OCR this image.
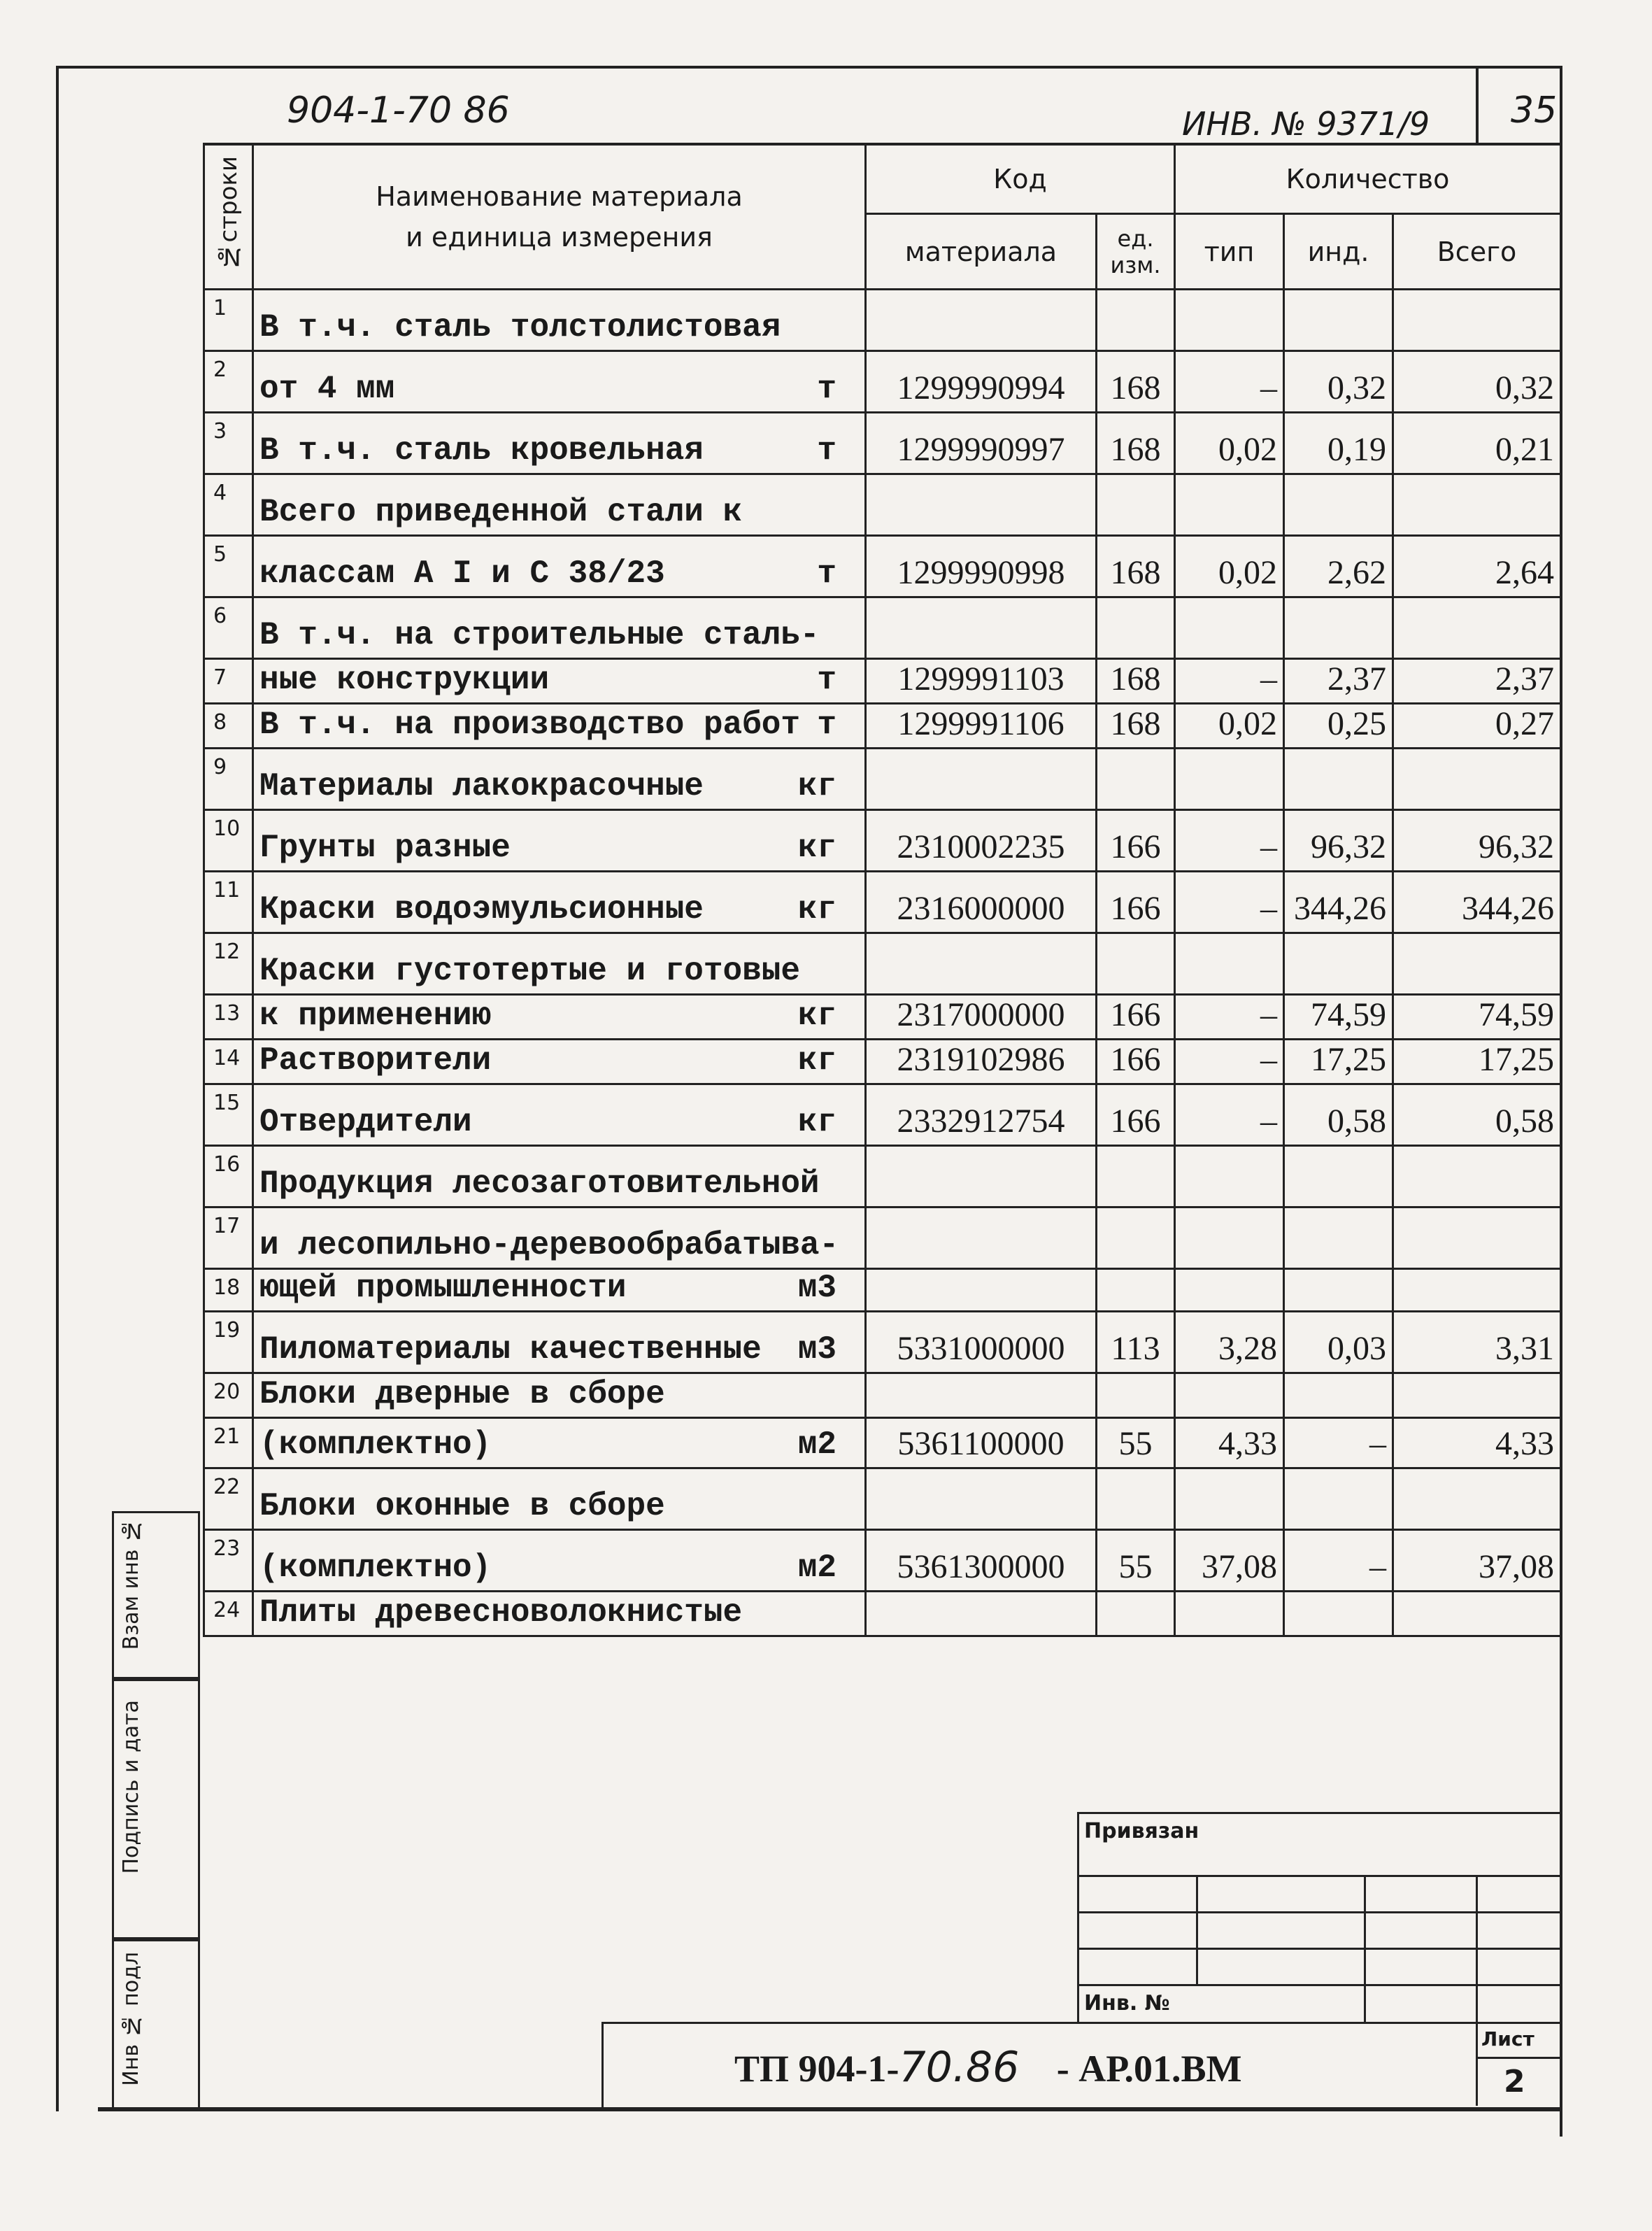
904-1-70 86	ИНВ. № 9371/9 35
№строки	Наименование материала
и единица измерения	Код		Количество		
		материала	ед. изм.	тип	инд.	Всего
1	В т.ч. сталь толстолистовая

2	от 4 мм т	1299990994	168	–	0,32	0,32
3	В т.ч. сталь кровельная т	1299990997	168	0,02	0,19	0,21
4	Всего приведенной стали к

5	классам А I и С 38/23 т	1299990998	168	0,02	2,62	2,64
6	В т.ч. на строительные сталь-

7	ные конструкции т	1299991103	168	–	2,37	2,37
8	В т.ч. на производство работ т	1299991106	168	0,02	0,25	0,27
9	Материалы лакокрасочные кг					

10	Грунты разные кг	2310002235	166	–	96,32	96,32
11	Краски водоэмульсионные кг	2316000000	166	–	344,26	344,26
12	Краски густотертые и готовые

13	к применению кг	2317000000	166	–	74,59	74,59
14	Растворители кг	2319102986	166	–	17,25	17,25
15	Отвердители кг	2332912754	166	–	0,58	0,58
16	Продукция лесозаготовительной

17	и лесопильно-деревообрабатыва-

18	ющей промышленности м3					

19	Пиломатериалы качественные м3	5331000000	113	3,28	0,03	3,31
20	Блоки дверные в сборе

21	(комплектно) м2	5361100000	55	4,33	–	4,33
22	Блоки оконные в сборе

23	(комплектно) м2	5361300000	55	37,08	–	37,08
24	Плиты древесноволокнистые

Взам инв №
Подпись и дата
Инв № подл
Привязан
Инв. №
Лист
2
ТП 904-1-70.86 - АР.01.ВМ
